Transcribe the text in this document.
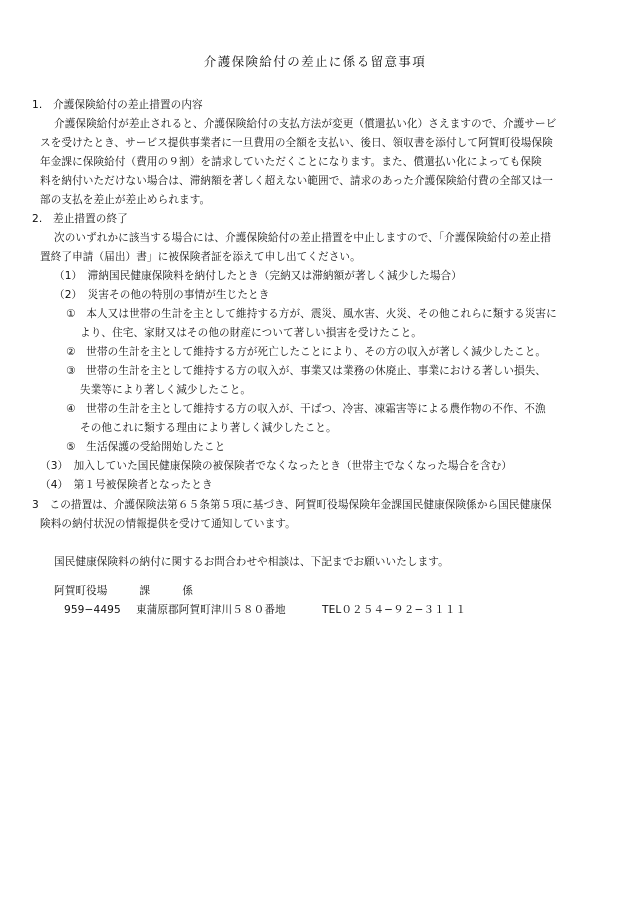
介護保険給付の差止に係る留意事項
1.　介護保険給付の差止措置の内容
介護保険給付が差止されると、介護保険給付の支払方法が変更（償還払い化）さえますので、介護サービ
スを受けたとき、サービス提供事業者に一旦費用の全額を支払い、後日、領収書を添付して阿賀町役場保険
年金課に保険給付（費用の９割）を請求していただくことになります。また、償還払い化によっても保険
料を納付いただけない場合は、滞納額を著しく超えない範囲で、請求のあった介護保険給付費の全部又は一
部の支払を差止が差止められます。
2.　差止措置の終了
次のいずれかに該当する場合には、介護保険給付の差止措置を中止しますので、「介護保険給付の差止措
置終了申請（届出）書」に被保険者証を添えて申し出てください。
（1）　滞納国民健康保険料を納付したとき（完納又は滞納額が著しく減少した場合）
（2）　災害その他の特別の事情が生じたとき
①　本人又は世帯の生計を主として維持する方が、震災、風水害、火災、その他これらに類する災害に
より、住宅、家財又はその他の財産について著しい損害を受けたこと。
②　世帯の生計を主として維持する方が死亡したことにより、その方の収入が著しく減少したこと。
③　世帯の生計を主として維持する方の収入が、事業又は業務の休廃止、事業における著しい損失、
失業等により著しく減少したこと。
④　世帯の生計を主として維持する方の収入が、干ばつ、冷害、凍霜害等による農作物の不作、不漁
その他これに類する理由により著しく減少したこと。
⑤　生活保護の受給開始したこと
（3）　加入していた国民健康保険の被保険者でなくなったとき（世帯主でなくなった場合を含む）
（4）　第１号被保険者となったとき
3　この措置は、介護保険法第６５条第５項に基づき、阿賀町役場保険年金課国民健康保険係から国民健康保
険料の納付状況の情報提供を受けて通知しています。
国民健康保険料の納付に関するお問合わせや相談は、下記までお願いいたします。
阿賀町役場　　　課　　　係
959−4495 東蒲原郡阿賀町津川５８０番地	TEL０２５４−９２−３１１１
